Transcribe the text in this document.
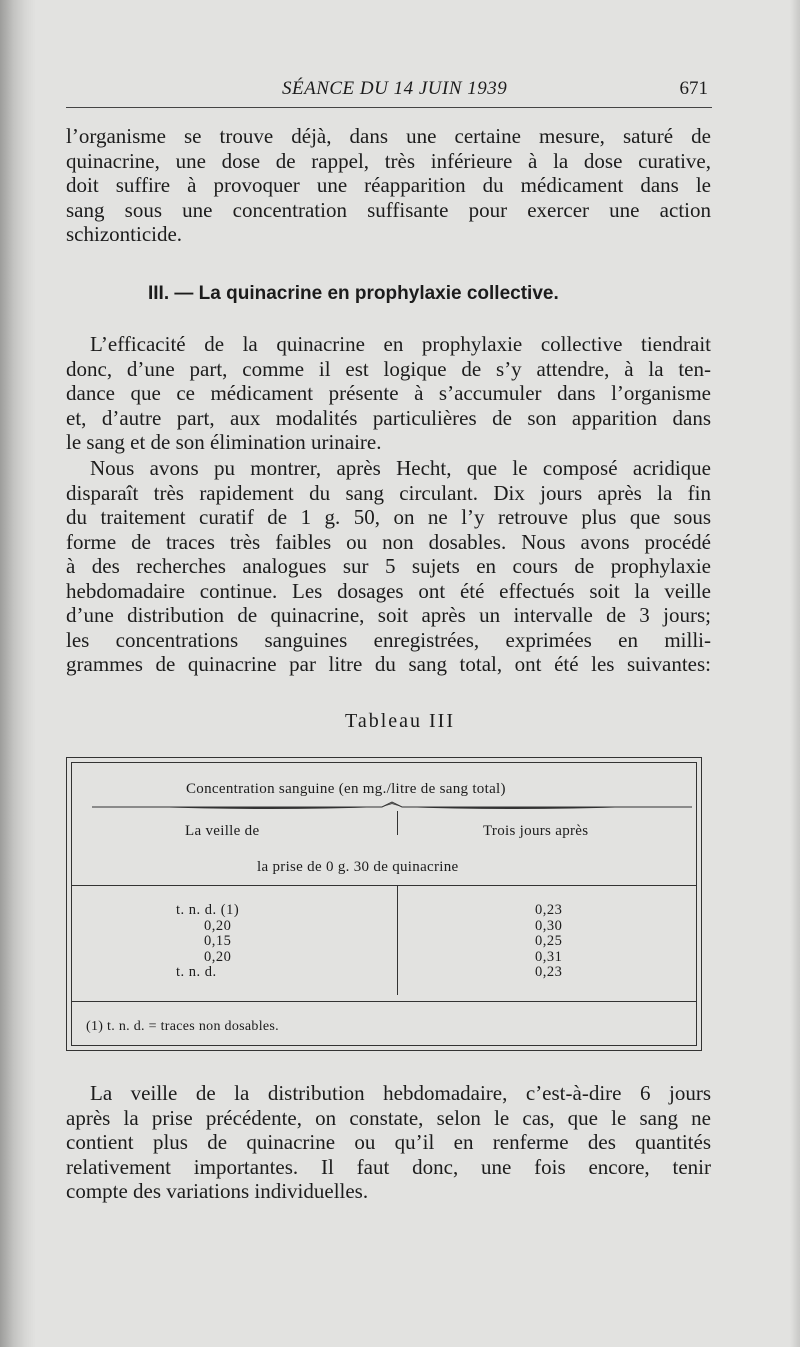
SÉANCE DU 14 JUIN 1939	671
l’organisme se trouve déjà, dans une certaine mesure, saturé de
quinacrine, une dose de rappel, très inférieure à la dose curative,
doit suffire à provoquer une réapparition du médicament dans le
sang sous une concentration suffisante pour exercer une action
schizonticide.
III. — La quinacrine en prophylaxie collective.
L’efficacité de la quinacrine en prophylaxie collective tiendrait
donc, d’une part, comme il est logique de s’y attendre, à la ten-
dance que ce médicament présente à s’accumuler dans l’organisme
et, d’autre part, aux modalités particulières de son apparition dans
le sang et de son élimination urinaire.
Nous avons pu montrer, après Hecht, que le composé acridique
disparaît très rapidement du sang circulant. Dix jours après la fin
du traitement curatif de 1 g. 50, on ne l’y retrouve plus que sous
forme de traces très faibles ou non dosables. Nous avons procédé
à des recherches analogues sur 5 sujets en cours de prophylaxie
hebdomadaire continue. Les dosages ont été effectués soit la veille
d’une distribution de quinacrine, soit après un intervalle de 3 jours;
les concentrations sanguines enregistrées, exprimées en milli-
grammes de quinacrine par litre du sang total, ont été les suivantes:

Tableau III

Concentration sanguine (en mg./litre de sang total)
La veille de	Trois jours après
la prise de 0 g. 30 de quinacrine
t. n. d. (1)
0,20
0,15
0,20
t. n. d.
0,23
0,30
0,25
0,31
0,23
(1) t. n. d. = traces non dosables.
La veille de la distribution hebdomadaire, c’est-à-dire 6 jours
après la prise précédente, on constate, selon le cas, que le sang ne
contient plus de quinacrine ou qu’il en renferme des quantités
relativement importantes. Il faut donc, une fois encore, tenir
compte des variations individuelles.
